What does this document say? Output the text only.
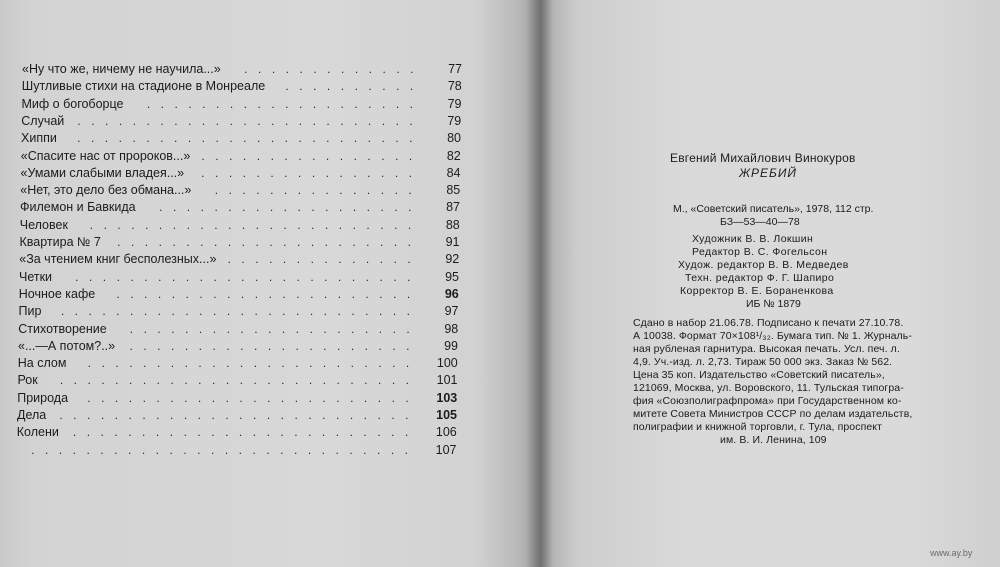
«Ну что же, ничему не научила...»	.............	77
Шутливые стихи на стадионе в Монреале	..........	78
Миф о богоборце	....................	79
Случай	.........................	79
Хиппи	.........................	80
«Спасите нас от пророков...» ................	82
«Умами слабыми владея...»	................	84
«Нет, это дело без обмана...»	...............	85
Филемон и Бавкида	...................	87
Человек	........................	88
Квартира № 7	......................	91
«За чтением книг бесполезных...» ..............	92
Четки	.........................	95
Ночное кафе	......................	96
Пир	..........................	97
Стихотворение	.....................	98
«...—А потом?..»	.....................	99
На слом	........................	100
Рок	..........................	101
Природа	........................	103
Дела	..........................	105
Колени	.........................	106
............................	107
Евгений Михайлович Винокуров
ЖРЕБИЙ
М., «Советский писатель», 1978, 112 стр.
БЗ—53—40—78
Художник В. В. Локшин
Редактор В. С. Фогельсон
Худож. редактор В. В. Медведев
Техн. редактор Ф. Г. Шапиро
Корректор В. Е. Бораненкова
ИБ № 1879
Сдано в набор 21.06.78. Подписано к печати 27.10.78.
А 10038. Формат 70×108¹/₃₂. Бумага тип. № 1. Журналь-
ная рубленая гарнитура. Высокая печать. Усл. печ. л.
4,9. Уч.-изд. л. 2,73. Тираж 50 000 экз. Заказ № 562.
Цена 35 коп. Издательство «Советский писатель»,
121069, Москва, ул. Воровского, 11. Тульская типогра-
фия «Союзполиграфпрома» при Государственном ко-
митете Совета Министров СССР по делам издательств,
полиграфии и книжной торговли, г. Тула, проспект
им. В. И. Ленина, 109
www.ay.by
